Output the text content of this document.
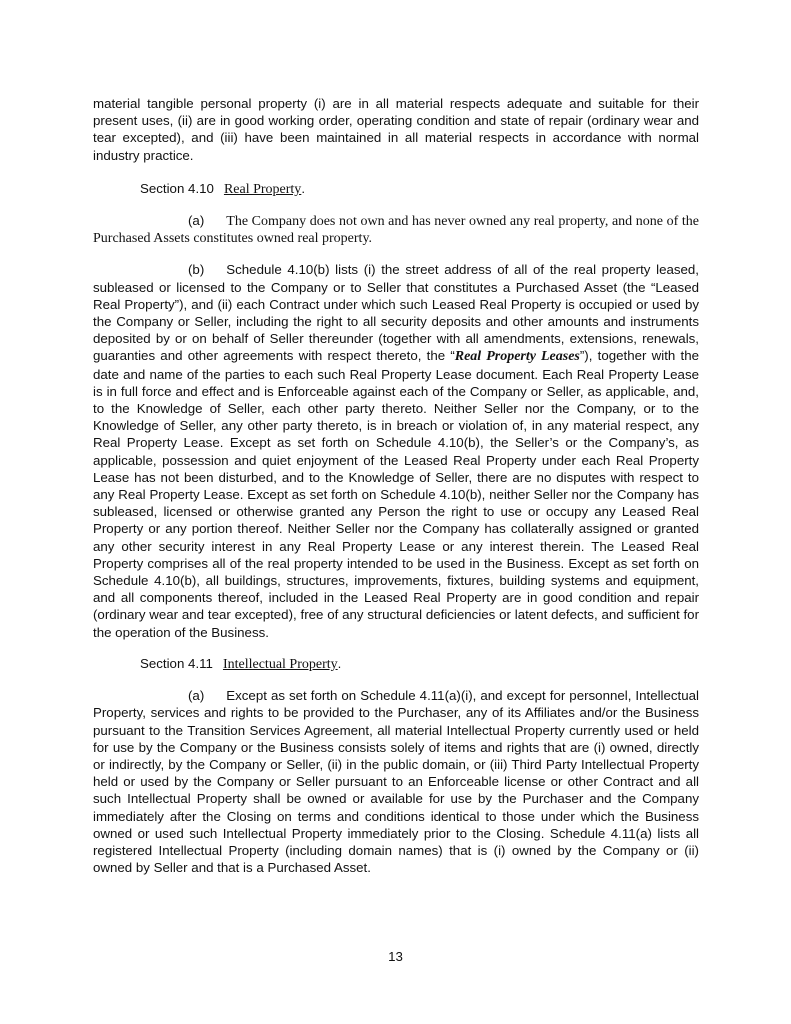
material tangible personal property (i) are in all material respects adequate and suitable for their present uses, (ii) are in good working order, operating condition and state of repair (ordinary wear and tear excepted), and (iii) have been maintained in all material respects in accordance with normal industry practice.

Section 4.10 Real Property.

(a) The Company does not own and has never owned any real property, and none of the Purchased Assets constitutes owned real property.

(b) Schedule 4.10(b) lists (i) the street address of all of the real property leased, subleased or licensed to the Company or to Seller that constitutes a Purchased Asset (the “Leased Real Property”), and (ii) each Contract under which such Leased Real Property is occupied or used by the Company or Seller, including the right to all security deposits and other amounts and instruments deposited by or on behalf of Seller thereunder (together with all amendments, extensions, renewals, guaranties and other agreements with respect thereto, the “Real Property Leases”), together with the date and name of the parties to each such Real Property Lease document. Each Real Property Lease is in full force and effect and is Enforceable against each of the Company or Seller, as applicable, and, to the Knowledge of Seller, each other party thereto. Neither Seller nor the Company, or to the Knowledge of Seller, any other party thereto, is in breach or violation of, in any material respect, any Real Property Lease. Except as set forth on Schedule 4.10(b), the Seller’s or the Company’s, as applicable, possession and quiet enjoyment of the Leased Real Property under each Real Property Lease has not been disturbed, and to the Knowledge of Seller, there are no disputes with respect to any Real Property Lease. Except as set forth on Schedule 4.10(b), neither Seller nor the Company has subleased, licensed or otherwise granted any Person the right to use or occupy any Leased Real Property or any portion thereof. Neither Seller nor the Company has collaterally assigned or granted any other security interest in any Real Property Lease or any interest therein. The Leased Real Property comprises all of the real property intended to be used in the Business. Except as set forth on Schedule 4.10(b), all buildings, structures, improvements, fixtures, building systems and equipment, and all components thereof, included in the Leased Real Property are in good condition and repair (ordinary wear and tear excepted), free of any structural deficiencies or latent defects, and sufficient for the operation of the Business.

Section 4.11 Intellectual Property.

(a) Except as set forth on Schedule 4.11(a)(i), and except for personnel, Intellectual Property, services and rights to be provided to the Purchaser, any of its Affiliates and/or the Business pursuant to the Transition Services Agreement, all material Intellectual Property currently used or held for use by the Company or the Business consists solely of items and rights that are (i) owned, directly or indirectly, by the Company or Seller, (ii) in the public domain, or (iii) Third Party Intellectual Property held or used by the Company or Seller pursuant to an Enforceable license or other Contract and all such Intellectual Property shall be owned or available for use by the Purchaser and the Company immediately after the Closing on terms and conditions identical to those under which the Business owned or used such Intellectual Property immediately prior to the Closing. Schedule 4.11(a) lists all registered Intellectual Property (including domain names) that is (i) owned by the Company or (ii) owned by Seller and that is a Purchased Asset.

13
